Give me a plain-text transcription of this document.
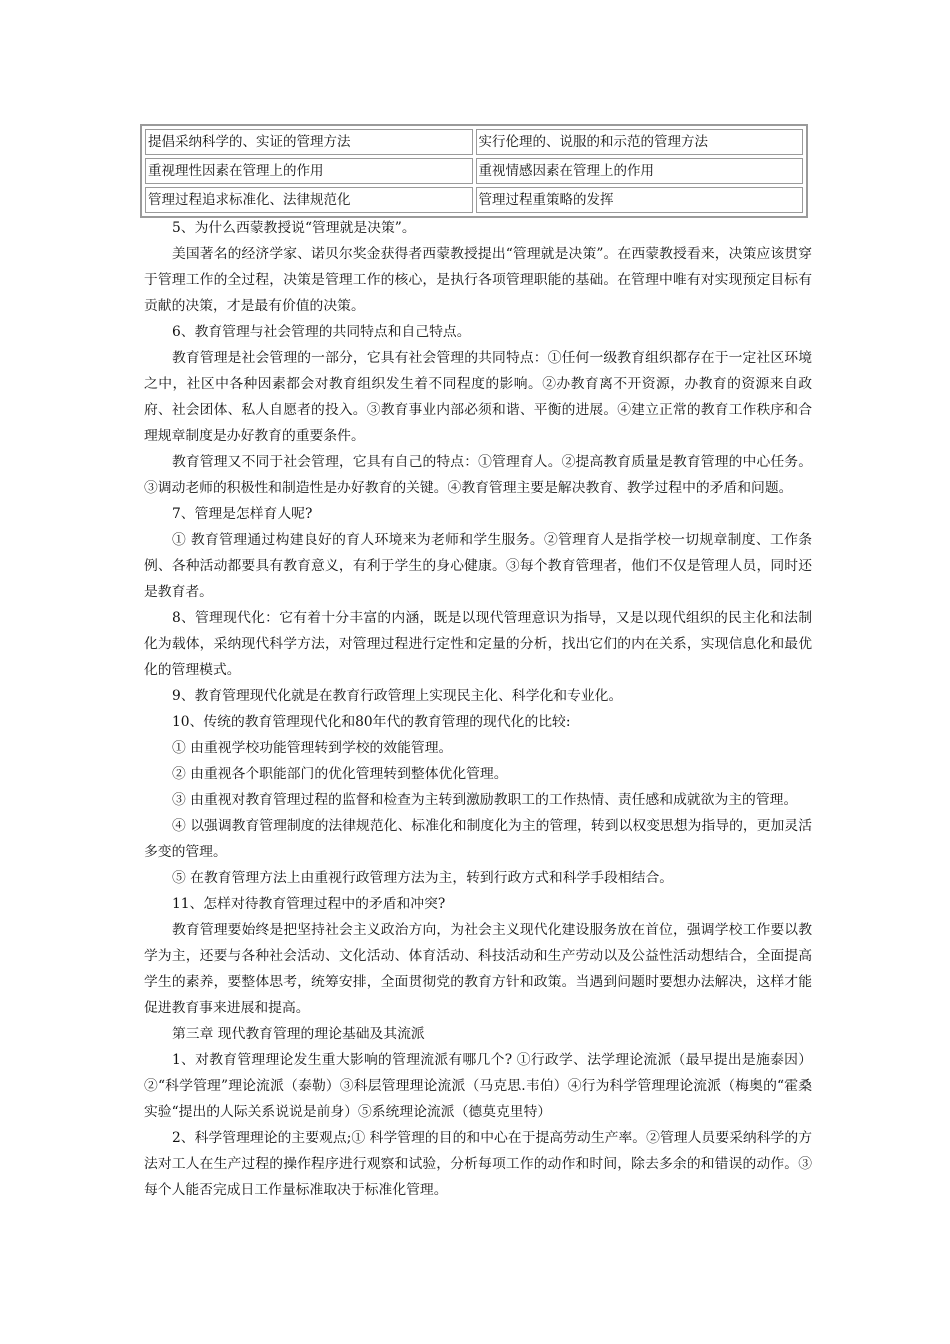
提倡采纳科学的、实证的管理方法	实行伦理的、说服的和示范的管理方法
重视理性因素在管理上的作用	重视情感因素在管理上的作用
管理过程追求标准化、法律规范化	管理过程重策略的发挥

5、为什么西蒙教授说“管理就是决策”。

美国著名的经济学家、诺贝尔奖金获得者西蒙教授提出“管理就是决策”。在西蒙教授看来，决策应该贯穿于管理工作的全过程，决策是管理工作的核心，是执行各项管理职能的基础。在管理中唯有对实现预定目标有贡献的决策，才是最有价值的决策。

6、教育管理与社会管理的共同特点和自己特点。

教育管理是社会管理的一部分，它具有社会管理的共同特点：①任何一级教育组织都存在于一定社区环境之中，社区中各种因素都会对教育组织发生着不同程度的影响。②办教育离不开资源，办教育的资源来自政府、社会团体、私人自愿者的投入。③教育事业内部必须和谐、平衡的进展。④建立正常的教育工作秩序和合理规章制度是办好教育的重要条件。

教育管理又不同于社会管理，它具有自己的特点：①管理育人。②提高教育质量是教育管理的中心任务。③调动老师的积极性和制造性是办好教育的关键。④教育管理主要是解决教育、教学过程中的矛盾和问题。

7、管理是怎样育人呢?

① 教育管理通过构建良好的育人环境来为老师和学生服务。②管理育人是指学校一切规章制度、工作条例、各种活动都要具有教育意义，有利于学生的身心健康。③每个教育管理者，他们不仅是管理人员，同时还是教育者。

8、管理现代化：它有着十分丰富的内涵，既是以现代管理意识为指导，又是以现代组织的民主化和法制化为载体，采纳现代科学方法，对管理过程进行定性和定量的分析，找出它们的内在关系，实现信息化和最优化的管理模式。

9、教育管理现代化就是在教育行政管理上实现民主化、科学化和专业化。

10、传统的教育管理现代化和80年代的教育管理的现代化的比较:

① 由重视学校功能管理转到学校的效能管理。

② 由重视各个职能部门的优化管理转到整体优化管理。

③ 由重视对教育管理过程的监督和检查为主转到激励教职工的工作热情、责任感和成就欲为主的管理。

④ 以强调教育管理制度的法律规范化、标准化和制度化为主的管理，转到以权变思想为指导的，更加灵活多变的管理。

⑤ 在教育管理方法上由重视行政管理方法为主，转到行政方式和科学手段相结合。

11、怎样对待教育管理过程中的矛盾和冲突?

教育管理要始终是把坚持社会主义政治方向，为社会主义现代化建设服务放在首位，强调学校工作要以教学为主，还要与各种社会活动、文化活动、体育活动、科技活动和生产劳动以及公益性活动想结合，全面提高学生的素养，要整体思考，统筹安排，全面贯彻党的教育方针和政策。当遇到问题时要想办法解决，这样才能促进教育事来进展和提高。

第三章 现代教育管理的理论基础及其流派

1、对教育管理理论发生重大影响的管理流派有哪几个? ①行政学、法学理论流派（最早提出是施泰因）②“科学管理”理论流派（泰勒）③科层管理理论流派（马克思.韦伯）④行为科学管理理论流派（梅奥的“霍桑实验“提出的人际关系说说是前身）⑤系统理论流派（德莫克里特）

2、科学管理理论的主要观点;① 科学管理的目的和中心在于提高劳动生产率。②管理人员要采纳科学的方法对工人在生产过程的操作程序进行观察和试验，分析每项工作的动作和时间，除去多余的和错误的动作。③每个人能否完成日工作量标准取决于标准化管理。
